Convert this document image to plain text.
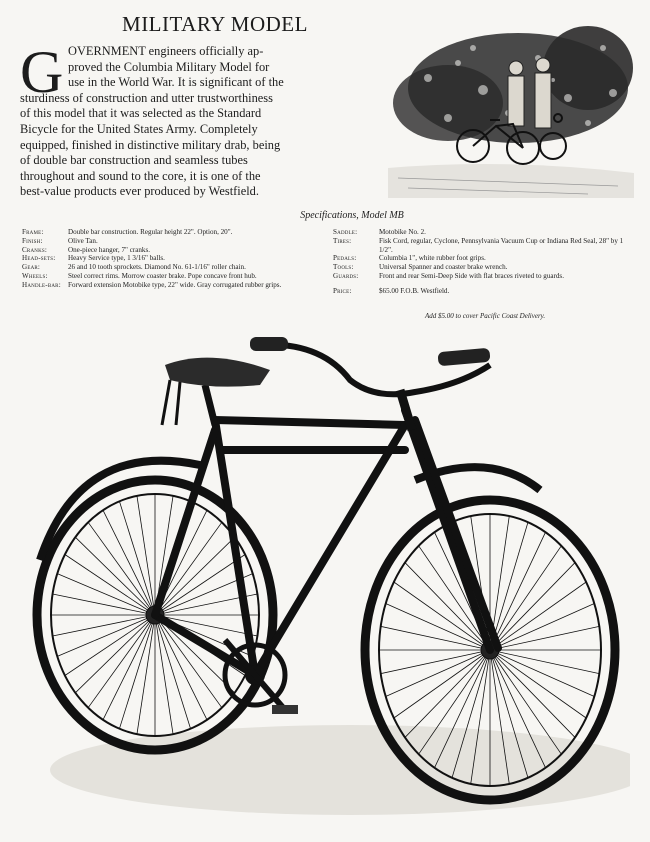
MILITARY MODEL
G OVERNMENT engineers officially ap-
proved the Columbia Military Model for
use in the World War. It is significant of the
sturdiness of construction and utter trustworthiness
of this model that it was selected as the Standard
Bicycle for the United States Army. Completely
equipped, finished in distinctive military drab, being
of double bar construction and seamless tubes
throughout and sound to the core, it is one of the
best-value products ever produced by Westfield.

Specifications, Model MB
Frame:	Double bar construction. Regular height 22". Option, 20".
Finish:	Olive Tan.
Cranks:	One-piece hanger, 7" cranks.
Head-sets:	Heavy Service type, 1 3/16" balls.
Gear:	26 and 10 tooth sprockets. Diamond No. 61-1/16" roller chain.
Wheels:	Steel correct rims. Morrow coaster brake. Pope concave front hub.
Handle-bar:	Forward extension Motobike type, 22" wide. Gray corrugated rubber grips.
Saddle:	Motobike No. 2.
Tires:	Fisk Cord, regular, Cyclone, Pennsylvania Vacuum Cup or Indiana Red Seal, 28" by 1 1/2".
Pedals:	Columbia 1", white rubber foot grips.
Tools:	Universal Spanner and coaster brake wrench.
Guards:	Front and rear Semi-Deep Side with flat braces riveted to guards.
Price:	$65.00 F.O.B. Westfield.
Add $5.00 to cover Pacific Coast Delivery.
